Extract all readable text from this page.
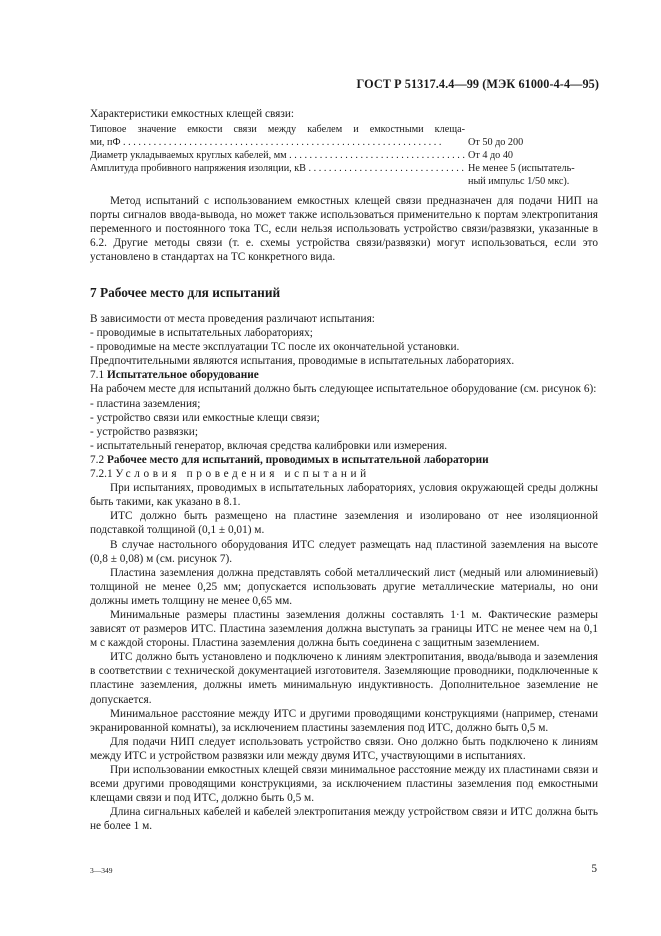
ГОСТ Р 51317.4.4—99 (МЭК 61000-4-4—95)
Характеристики емкостных клещей связи:
Типовое значение емкости связи между кабелем и емкостными клеща-
ми, пФ . . .	От 50 до 200
Диаметр укладываемых круглых кабелей, мм . . .	От 4 до 40
Амплитуда пробивного напряжения изоляции, кВ . . .	Не менее 5 (испытатель-
ный импульс 1/50 мкс).

Метод испытаний с использованием емкостных клещей связи предназначен для подачи НИП на порты сигналов ввода-вывода, но может также использоваться применительно к портам электропитания переменного и постоянного тока ТС, если нельзя использовать устройство связи/развязки, указанные в 6.2. Другие методы связи (т. е. схемы устройства связи/развязки) могут использоваться, если это установлено в стандартах на ТС конкретного вида.

7 Рабочее место для испытаний

В зависимости от места проведения различают испытания:

- проводимые в испытательных лабораториях;

- проводимые на месте эксплуатации ТС после их окончательной установки.

Предпочтительными являются испытания, проводимые в испытательных лабораториях.

7.1 Испытательное оборудование

На рабочем месте для испытаний должно быть следующее испытательное оборудование (см. рисунок 6):

- пластина заземления;

- устройство связи или емкостные клещи связи;

- устройство развязки;

- испытательный генератор, включая средства калибровки или измерения.

7.2 Рабочее место для испытаний, проводимых в испытательной лаборатории

7.2.1 Условия проведения испытаний

При испытаниях, проводимых в испытательных лабораториях, условия окружающей среды должны быть такими, как указано в 8.1.

ИТС должно быть размещено на пластине заземления и изолировано от нее изоляционной подставкой толщиной (0,1 ± 0,01) м.

В случае настольного оборудования ИТС следует размещать над пластиной заземления на высоте (0,8 ± 0,08) м (см. рисунок 7).

Пластина заземления должна представлять собой металлический лист (медный или алюминиевый) толщиной не менее 0,25 мм; допускается использовать другие металлические материалы, но они должны иметь толщину не менее 0,65 мм.

Минимальные размеры пластины заземления должны составлять 1·1 м. Фактические размеры зависят от размеров ИТС. Пластина заземления должна выступать за границы ИТС не менее чем на 0,1 м с каждой стороны. Пластина заземления должна быть соединена с защитным заземлением.

ИТС должно быть установлено и подключено к линиям электропитания, ввода/вывода и заземления в соответствии с технической документацией изготовителя. Заземляющие проводники, подключенные к пластине заземления, должны иметь минимальную индуктивность. Дополнительное заземление не допускается.

Минимальное расстояние между ИТС и другими проводящими конструкциями (например, стенами экранированной комнаты), за исключением пластины заземления под ИТС, должно быть 0,5 м.

Для подачи НИП следует использовать устройство связи. Оно должно быть подключено к линиям между ИТС и устройством развязки или между двумя ИТС, участвующими в испытаниях.

При использовании емкостных клещей связи минимальное расстояние между их пластинами связи и всеми другими проводящими конструкциями, за исключением пластины заземления под емкостными клещами связи и под ИТС, должно быть 0,5 м.

Длина сигнальных кабелей и кабелей электропитания между устройством связи и ИТС должна быть не более 1 м.

3—349	5
